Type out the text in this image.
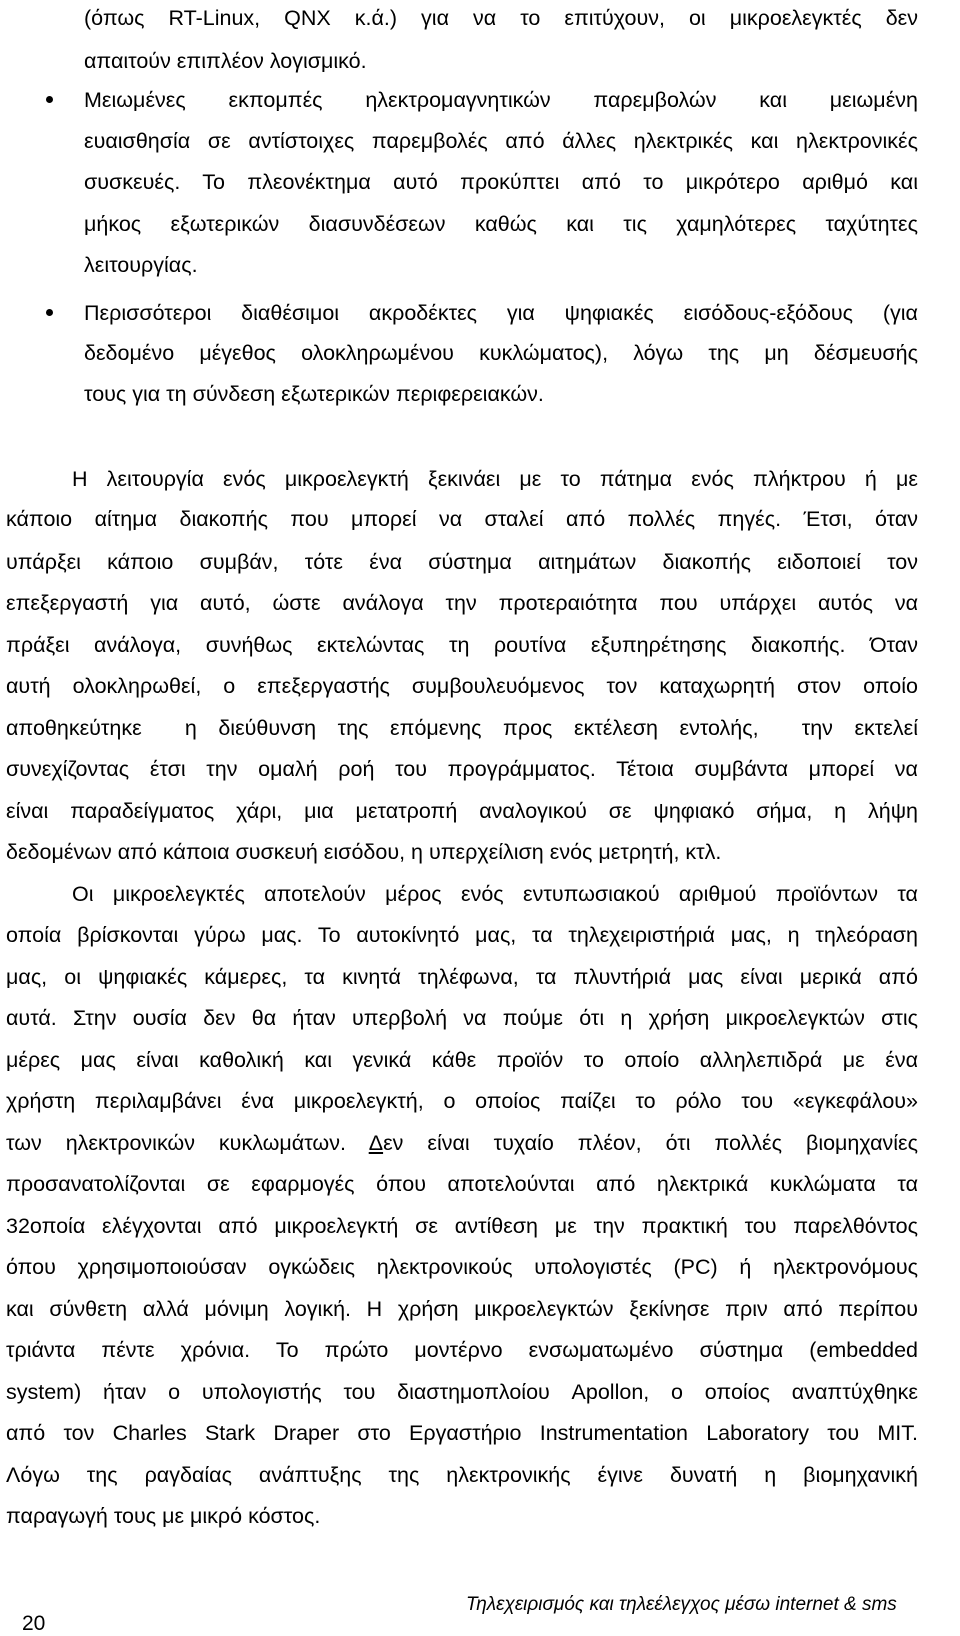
(όπως RT-Linux, QNX κ.ά.) για να το επιτύχουν, οι μικροελεγκτές δεν
απαιτούν επιπλέον λογισμικό.
Μειωμένες εκπομπές ηλεκτρομαγνητικών παρεμβολών και μειωμένη
ευαισθησία σε αντίστοιχες παρεμβολές από άλλες ηλεκτρικές και ηλεκτρονικές
συσκευές. Το πλεονέκτημα αυτό προκύπτει από το μικρότερο αριθμό και
μήκος εξωτερικών διασυνδέσεων καθώς και τις χαμηλότερες ταχύτητες
λειτουργίας.
Περισσότεροι διαθέσιμοι ακροδέκτες για ψηφιακές εισόδους-εξόδους (για
δεδομένο μέγεθος ολοκληρωμένου κυκλώματος), λόγω της μη δέσμευσής
τους για τη σύνδεση εξωτερικών περιφερειακών.
Η λειτουργία ενός μικροελεγκτή ξεκινάει με το πάτημα ενός πλήκτρου ή με
κάποιο αίτημα διακοπής που μπορεί να σταλεί από πολλές πηγές. Έτσι, όταν
υπάρξει κάποιο συμβάν, τότε ένα σύστημα αιτημάτων διακοπής ειδοποιεί τον
επεξεργαστή για αυτό, ώστε ανάλογα την προτεραιότητα που υπάρχει αυτός να
πράξει ανάλογα, συνήθως εκτελώντας τη ρουτίνα εξυπηρέτησης διακοπής. Όταν
αυτή ολοκληρωθεί, ο επεξεργαστής συμβουλευόμενος τον καταχωρητή στον οποίο
αποθηκεύτηκε  η διεύθυνση της επόμενης προς εκτέλεση εντολής,  την εκτελεί
συνεχίζοντας έτσι την ομαλή ροή του προγράμματος. Τέτοια συμβάντα μπορεί να
είναι παραδείγματος χάρι, μια μετατροπή αναλογικού σε ψηφιακό σήμα, η λήψη
δεδομένων από κάποια συσκευή εισόδου, η υπερχείλιση ενός μετρητή, κτλ.
Οι μικροελεγκτές αποτελούν μέρος ενός εντυπωσιακού αριθμού προϊόντων τα
οποία βρίσκονται γύρω μας. Το αυτοκίνητό μας, τα τηλεχειριστήριά μας, η τηλεόραση
μας, οι ψηφιακές κάμερες, τα κινητά τηλέφωνα, τα πλυντήριά μας είναι μερικά από
αυτά. Στην ουσία δεν θα ήταν υπερβολή να πούμε ότι η χρήση μικροελεγκτών στις
μέρες μας είναι καθολική και γενικά κάθε προϊόν το οποίο αλληλεπιδρά με ένα
χρήστη περιλαμβάνει ένα μικροελεγκτή, ο οποίος παίζει το ρόλο του «εγκεφάλου»
των ηλεκτρονικών κυκλωμάτων. Δεν είναι τυχαίο πλέον, ότι πολλές βιομηχανίες
προσανατολίζονται σε εφαρμογές όπου αποτελούνται από ηλεκτρικά κυκλώματα τα
32οποία ελέγχονται από μικροελεγκτή σε αντίθεση με την πρακτική του παρελθόντος
όπου χρησιμοποιούσαν ογκώδεις ηλεκτρονικούς υπολογιστές (PC) ή ηλεκτρονόμους
και σύνθετη αλλά μόνιμη λογική. Η χρήση μικροελεγκτών ξεκίνησε πριν από περίπου
τριάντα πέντε χρόνια. Το πρώτο μοντέρνο ενσωματωμένο σύστημα (embedded
system) ήταν ο υπολογιστής του διαστημοπλοίου Apollon, ο οποίος αναπτύχθηκε
από τον Charles Stark Draper στο Εργαστήριο Instrumentation Laboratory του MIT.
Λόγω της ραγδαίας ανάπτυξης της ηλεκτρονικής έγινε δυνατή η βιομηχανική
παραγωγή τους με μικρό κόστος.
20
Τηλεχειρισμός και τηλεέλεγχος μέσω internet & sms
